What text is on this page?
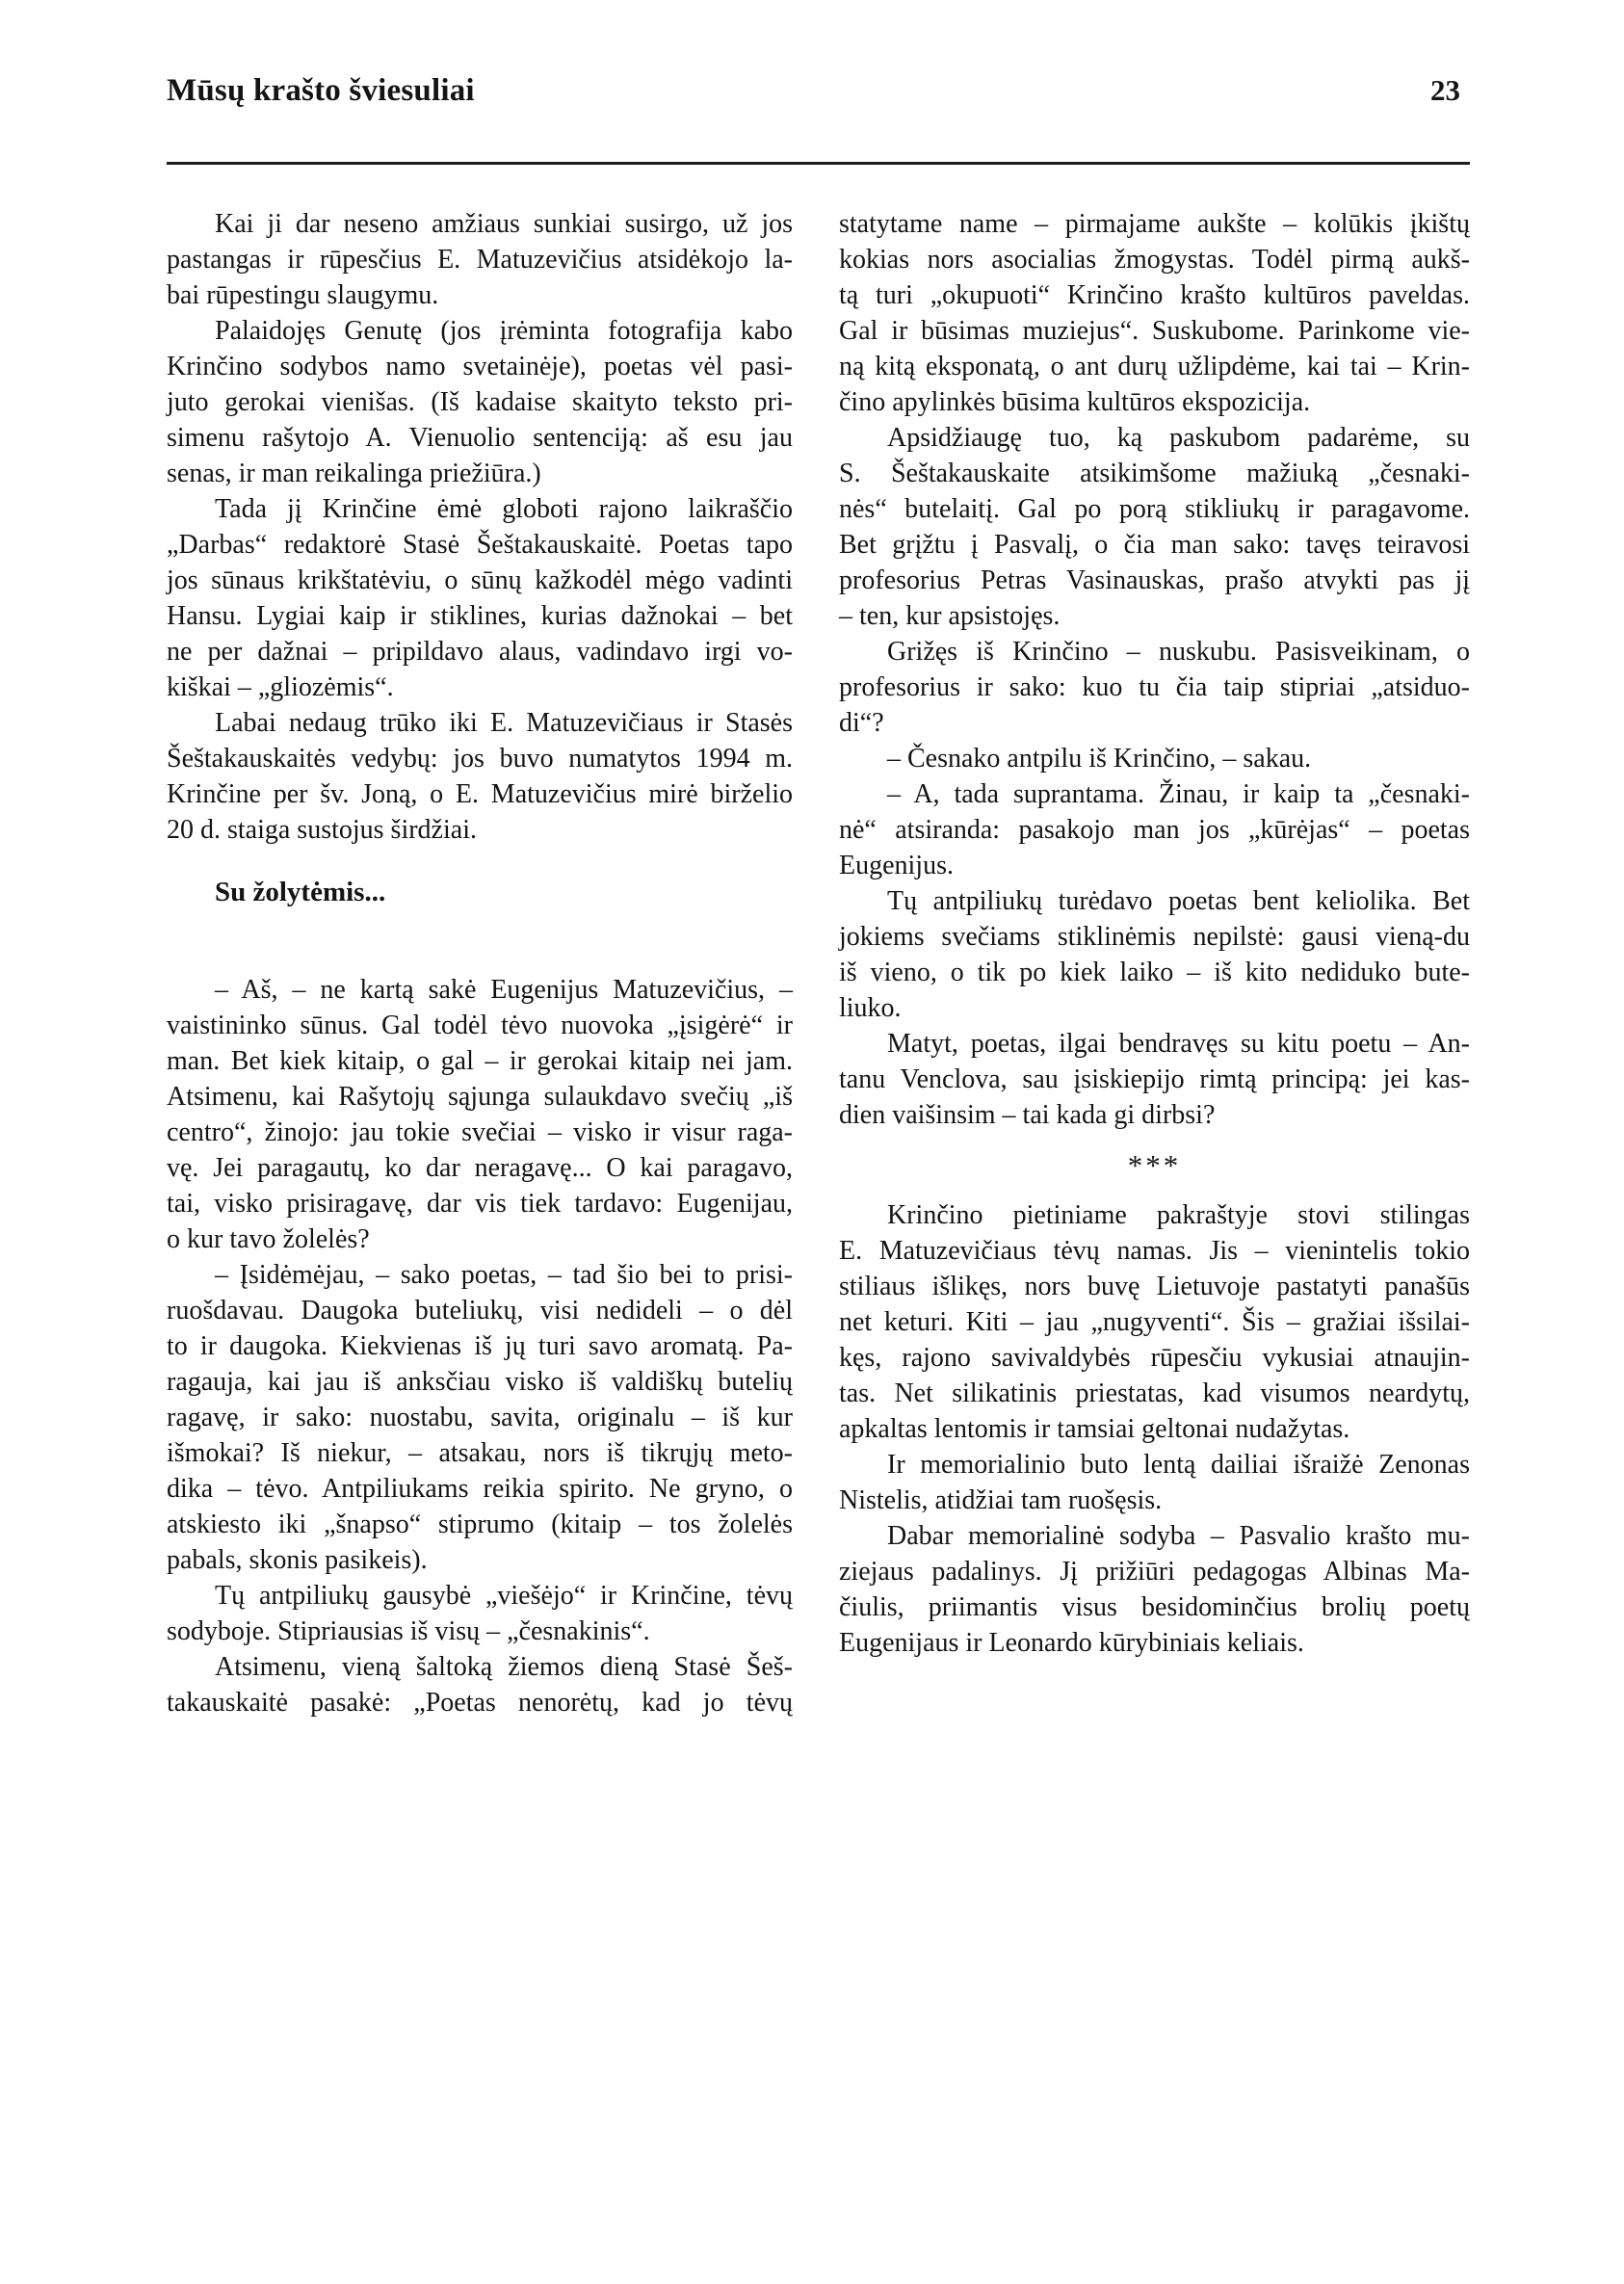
Mūsų krašto šviesuliai	23
Kai ji dar neseno amžiaus sunkiai susirgo, už jos
pastangas ir rūpesčius E. Matuzevičius atsidėkojo la-
bai rūpestingu slaugymu.
Palaidojęs Genutę (jos įrėminta fotografija kabo
Krinčino sodybos namo svetainėje), poetas vėl pasi-
juto gerokai vienišas. (Iš kadaise skaityto teksto pri-
simenu rašytojo A. Vienuolio sentenciją: aš esu jau
senas, ir man reikalinga priežiūra.)
Tada jį Krinčine ėmė globoti rajono laikraščio
„Darbas“ redaktorė Stasė Šeštakauskaitė. Poetas tapo
jos sūnaus krikštatėviu, o sūnų kažkodėl mėgo vadinti
Hansu. Lygiai kaip ir stiklines, kurias dažnokai – bet
ne per dažnai – pripildavo alaus, vadindavo irgi vo-
kiškai – „gliozėmis“.
Labai nedaug trūko iki E. Matuzevičiaus ir Stasės
Šeštakauskaitės vedybų: jos buvo numatytos 1994 m.
Krinčine per šv. Joną, o E. Matuzevičius mirė birželio
20 d. staiga sustojus širdžiai.
Su žolytėmis...
– Aš, – ne kartą sakė Eugenijus Matuzevičius, –
vaistininko sūnus. Gal todėl tėvo nuovoka „įsigėrė“ ir
man. Bet kiek kitaip, o gal – ir gerokai kitaip nei jam.
Atsimenu, kai Rašytojų sąjunga sulaukdavo svečių „iš
centro“, žinojo: jau tokie svečiai – visko ir visur raga-
vę. Jei paragautų, ko dar neragavę... O kai paragavo,
tai, visko prisiragavę, dar vis tiek tardavo: Eugenijau,
o kur tavo žolelės?
– Įsidėmėjau, – sako poetas, – tad šio bei to prisi-
ruošdavau. Daugoka buteliukų, visi nedideli – o dėl
to ir daugoka. Kiekvienas iš jų turi savo aromatą. Pa-
ragauja, kai jau iš anksčiau visko iš valdiškų butelių
ragavę, ir sako: nuostabu, savita, originalu – iš kur
išmokai? Iš niekur, – atsakau, nors iš tikrųjų meto-
dika – tėvo. Antpiliukams reikia spirito. Ne gryno, o
atskiesto iki „šnapso“ stiprumo (kitaip – tos žolelės
pabals, skonis pasikeis).
Tų antpiliukų gausybė „viešėjo“ ir Krinčine, tėvų
sodyboje. Stipriausias iš visų – „česnakinis“.
Atsimenu, vieną šaltoką žiemos dieną Stasė Šeš-
takauskaitė pasakė: „Poetas nenorėtų, kad jo tėvų
statytame name – pirmajame aukšte – kolūkis įkištų
kokias nors asocialias žmogystas. Todėl pirmą aukš-
tą turi „okupuoti“ Krinčino krašto kultūros paveldas.
Gal ir būsimas muziejus“. Suskubome. Parinkome vie-
ną kitą eksponatą, o ant durų užlipdėme, kai tai – Krin-
čino apylinkės būsima kultūros ekspozicija.
Apsidžiaugę tuo, ką paskubom padarėme, su
S. Šeštakauskaite atsikimšome mažiuką „česnaki-
nės“ butelaitį. Gal po porą stikliukų ir paragavome.
Bet grįžtu į Pasvalį, o čia man sako: tavęs teiravosi
profesorius Petras Vasinauskas, prašo atvykti pas jį
– ten, kur apsistojęs.
Grižęs iš Krinčino – nuskubu. Pasisveikinam, o
profesorius ir sako: kuo tu čia taip stipriai „atsiduo-
di“?
– Česnako antpilu iš Krinčino, – sakau.
– A, tada suprantama. Žinau, ir kaip ta „česnaki-
nė“ atsiranda: pasakojo man jos „kūrėjas“ – poetas
Eugenijus.
Tų antpiliukų turėdavo poetas bent keliolika. Bet
jokiems svečiams stiklinėmis nepilstė: gausi vieną-du
iš vieno, o tik po kiek laiko – iš kito nediduko bute-
liuko.
Matyt, poetas, ilgai bendravęs su kitu poetu – An-
tanu Venclova, sau įsiskiepijo rimtą principą: jei kas-
dien vaišinsim – tai kada gi dirbsi?
***
Krinčino pietiniame pakraštyje stovi stilingas
E. Matuzevičiaus tėvų namas. Jis – vienintelis tokio
stiliaus išlikęs, nors buvę Lietuvoje pastatyti panašūs
net keturi. Kiti – jau „nugyventi“. Šis – gražiai išsilai-
kęs, rajono savivaldybės rūpesčiu vykusiai atnaujin-
tas. Net silikatinis priestatas, kad visumos neardytų,
apkaltas lentomis ir tamsiai geltonai nudažytas.
Ir memorialinio buto lentą dailiai išraižė Zenonas
Nistelis, atidžiai tam ruošęsis.
Dabar memorialinė sodyba – Pasvalio krašto mu-
ziejaus padalinys. Jį prižiūri pedagogas Albinas Ma-
čiulis, priimantis visus besidominčius brolių poetų
Eugenijaus ir Leonardo kūrybiniais keliais.
